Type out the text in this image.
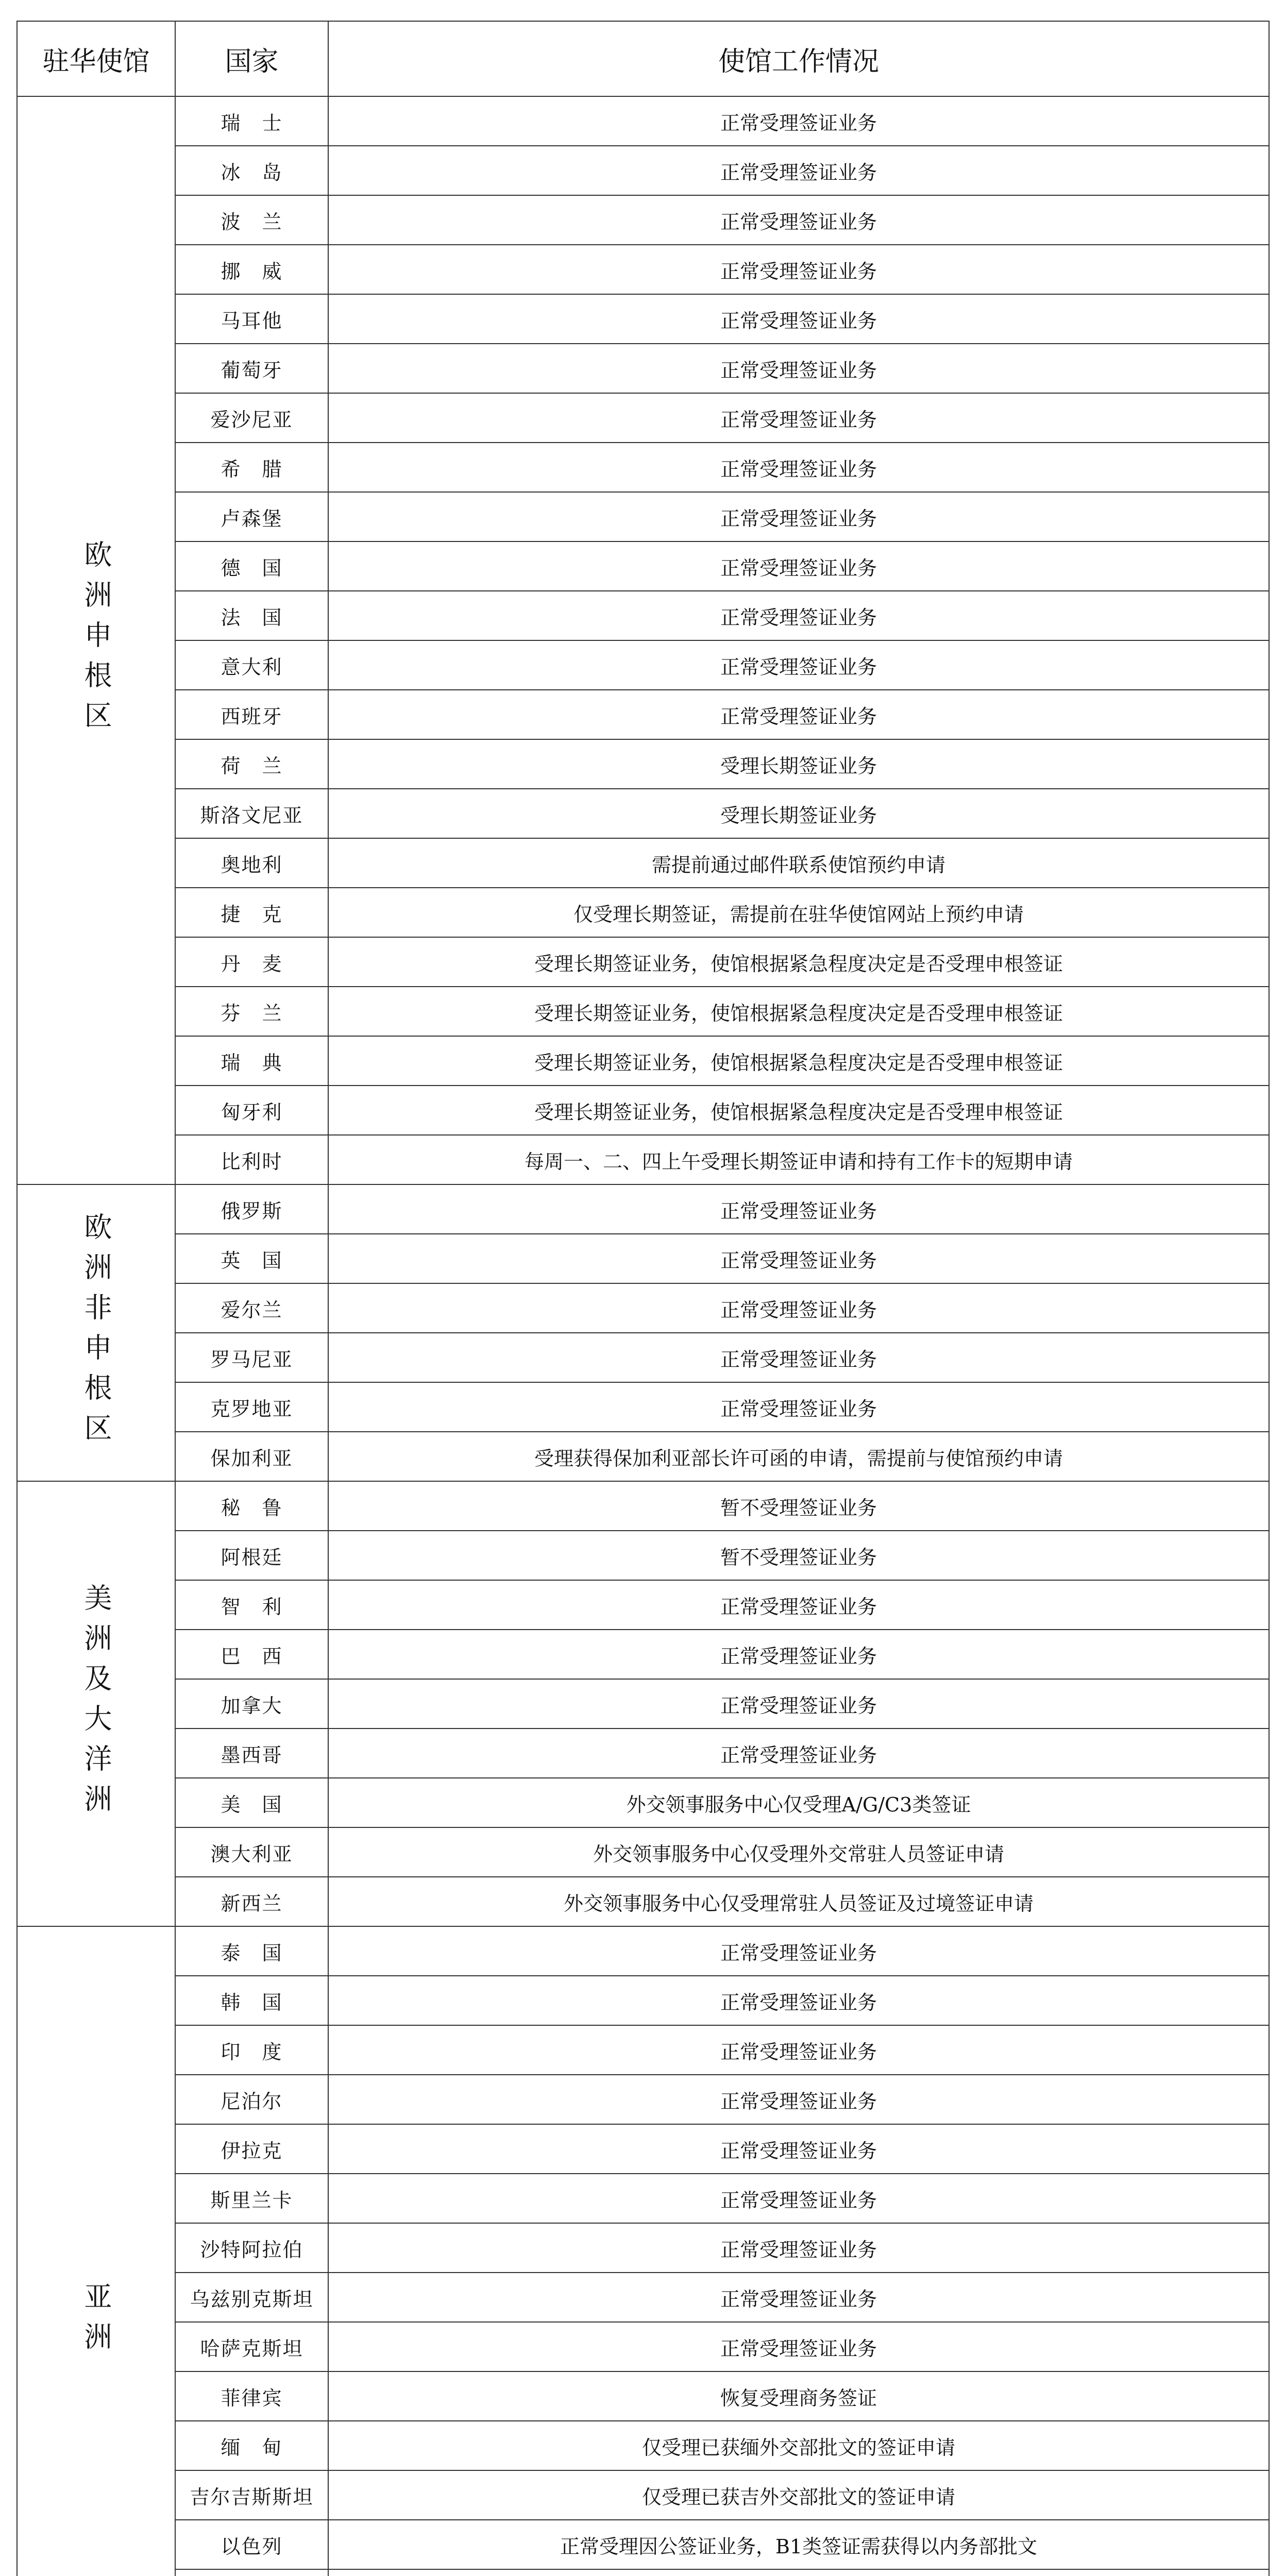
驻华使馆	国家	使馆工作情况
欧洲申根区	瑞　士	正常受理签证业务
	冰　岛	正常受理签证业务
	波　兰	正常受理签证业务
	挪　威	正常受理签证业务
	马耳他	正常受理签证业务
	葡萄牙	正常受理签证业务
	爱沙尼亚	正常受理签证业务
	希　腊	正常受理签证业务
	卢森堡	正常受理签证业务
	德　国	正常受理签证业务
	法　国	正常受理签证业务
	意大利	正常受理签证业务
	西班牙	正常受理签证业务
	荷　兰	受理长期签证业务
	斯洛文尼亚	受理长期签证业务
	奥地利	需提前通过邮件联系使馆预约申请
	捷　克	仅受理长期签证，需提前在驻华使馆网站上预约申请
	丹　麦	受理长期签证业务，使馆根据紧急程度决定是否受理申根签证
	芬　兰	受理长期签证业务，使馆根据紧急程度决定是否受理申根签证
	瑞　典	受理长期签证业务，使馆根据紧急程度决定是否受理申根签证
	匈牙利	受理长期签证业务，使馆根据紧急程度决定是否受理申根签证
	比利时	每周一、二、四上午受理长期签证申请和持有工作卡的短期申请
欧洲非申根区	俄罗斯	正常受理签证业务
	英　国	正常受理签证业务
	爱尔兰	正常受理签证业务
	罗马尼亚	正常受理签证业务
	克罗地亚	正常受理签证业务
	保加利亚	受理获得保加利亚部长许可函的申请，需提前与使馆预约申请
美洲及大洋洲	秘　鲁	暂不受理签证业务
	阿根廷	暂不受理签证业务
	智　利	正常受理签证业务
	巴　西	正常受理签证业务
	加拿大	正常受理签证业务
	墨西哥	正常受理签证业务
	美　国	外交领事服务中心仅受理A/G/C3类签证
	澳大利亚	外交领事服务中心仅受理外交常驻人员签证申请
	新西兰	外交领事服务中心仅受理常驻人员签证及过境签证申请
亚洲	泰　国	正常受理签证业务
	韩　国	正常受理签证业务
	印　度	正常受理签证业务
	尼泊尔	正常受理签证业务
	伊拉克	正常受理签证业务
	斯里兰卡	正常受理签证业务
	沙特阿拉伯	正常受理签证业务
	乌兹别克斯坦	正常受理签证业务
	哈萨克斯坦	正常受理签证业务
	菲律宾	恢复受理商务签证
	缅　甸	仅受理已获缅外交部批文的签证申请
	吉尔吉斯斯坦	仅受理已获吉外交部批文的签证申请
	以色列	正常受理因公签证业务，B1类签证需获得以内务部批文
